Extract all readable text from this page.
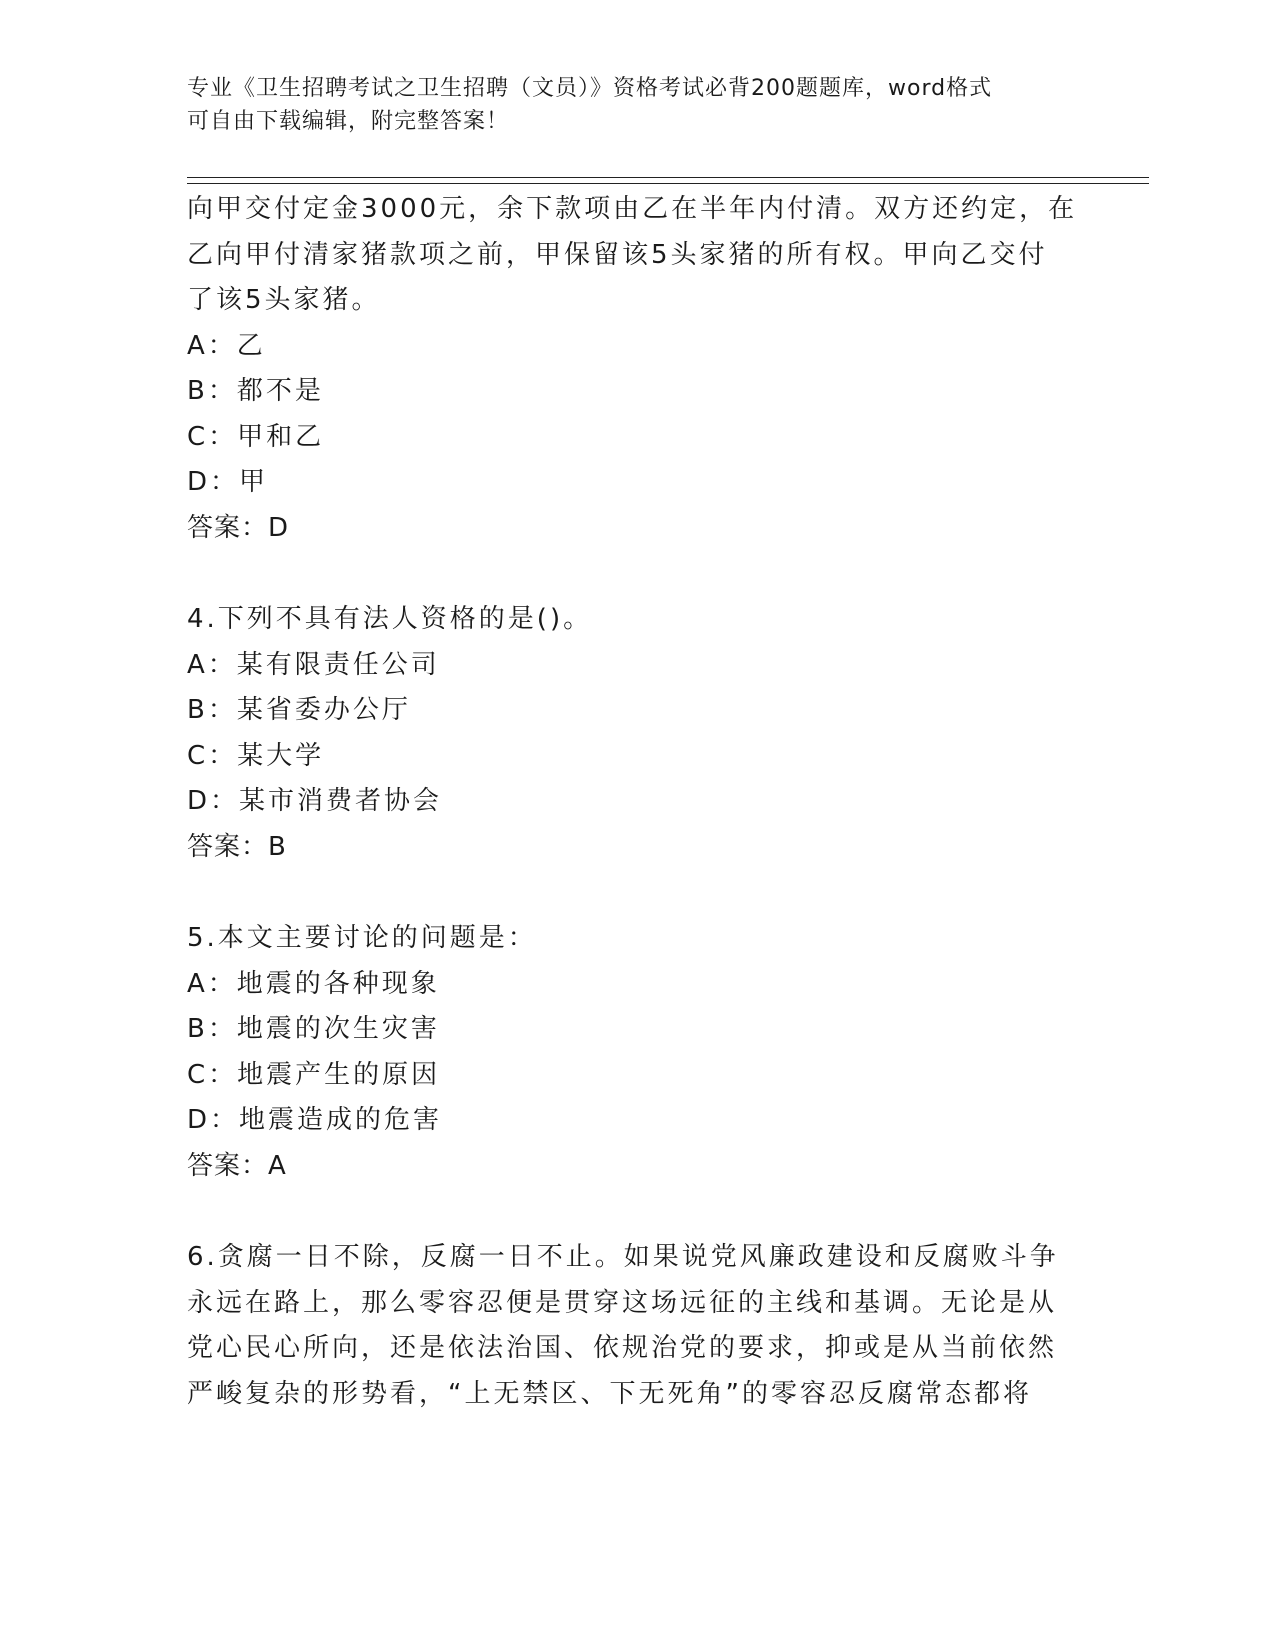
专业《卫生招聘考试之卫生招聘（文员）》资格考试必背200题题库，word格式
可自由下载编辑，附完整答案！
向甲交付定金3000元，余下款项由乙在半年内付清。双方还约定，在
乙向甲付清家猪款项之前，甲保留该5头家猪的所有权。甲向乙交付
了该5头家猪。
A：乙
B：都不是
C：甲和乙
D：甲
答案：D
4.下列不具有法人资格的是()。
A：某有限责任公司
B：某省委办公厅
C：某大学
D：某市消费者协会
答案：B
5.本文主要讨论的问题是：
A：地震的各种现象
B：地震的次生灾害
C：地震产生的原因
D：地震造成的危害
答案：A
6.贪腐一日不除，反腐一日不止。如果说党风廉政建设和反腐败斗争
永远在路上，那么零容忍便是贯穿这场远征的主线和基调。无论是从
党心民心所向，还是依法治国、依规治党的要求，抑或是从当前依然
严峻复杂的形势看，“上无禁区、下无死角”的零容忍反腐常态都将
